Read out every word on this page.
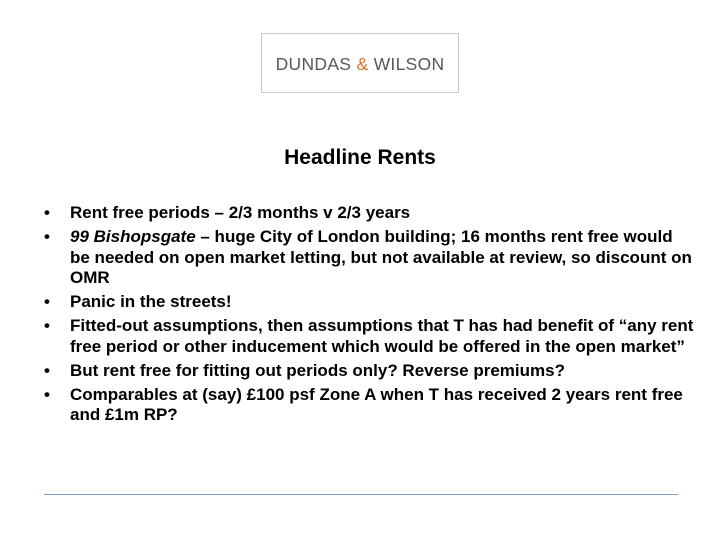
DUNDAS & WILSON
Headline Rents
• Rent free periods – 2/3 months v 2/3 years
• 99 Bishopsgate – huge City of London building; 16 months rent free would be needed on open market letting, but not available at review, so discount on OMR
• Panic in the streets!
• Fitted-out assumptions, then assumptions that T has had benefit of “any rent free period or other inducement which would be offered in the open market”
• But rent free for fitting out periods only? Reverse premiums?
• Comparables at (say) £100 psf Zone A when T has received 2 years rent free and £1m RP?
